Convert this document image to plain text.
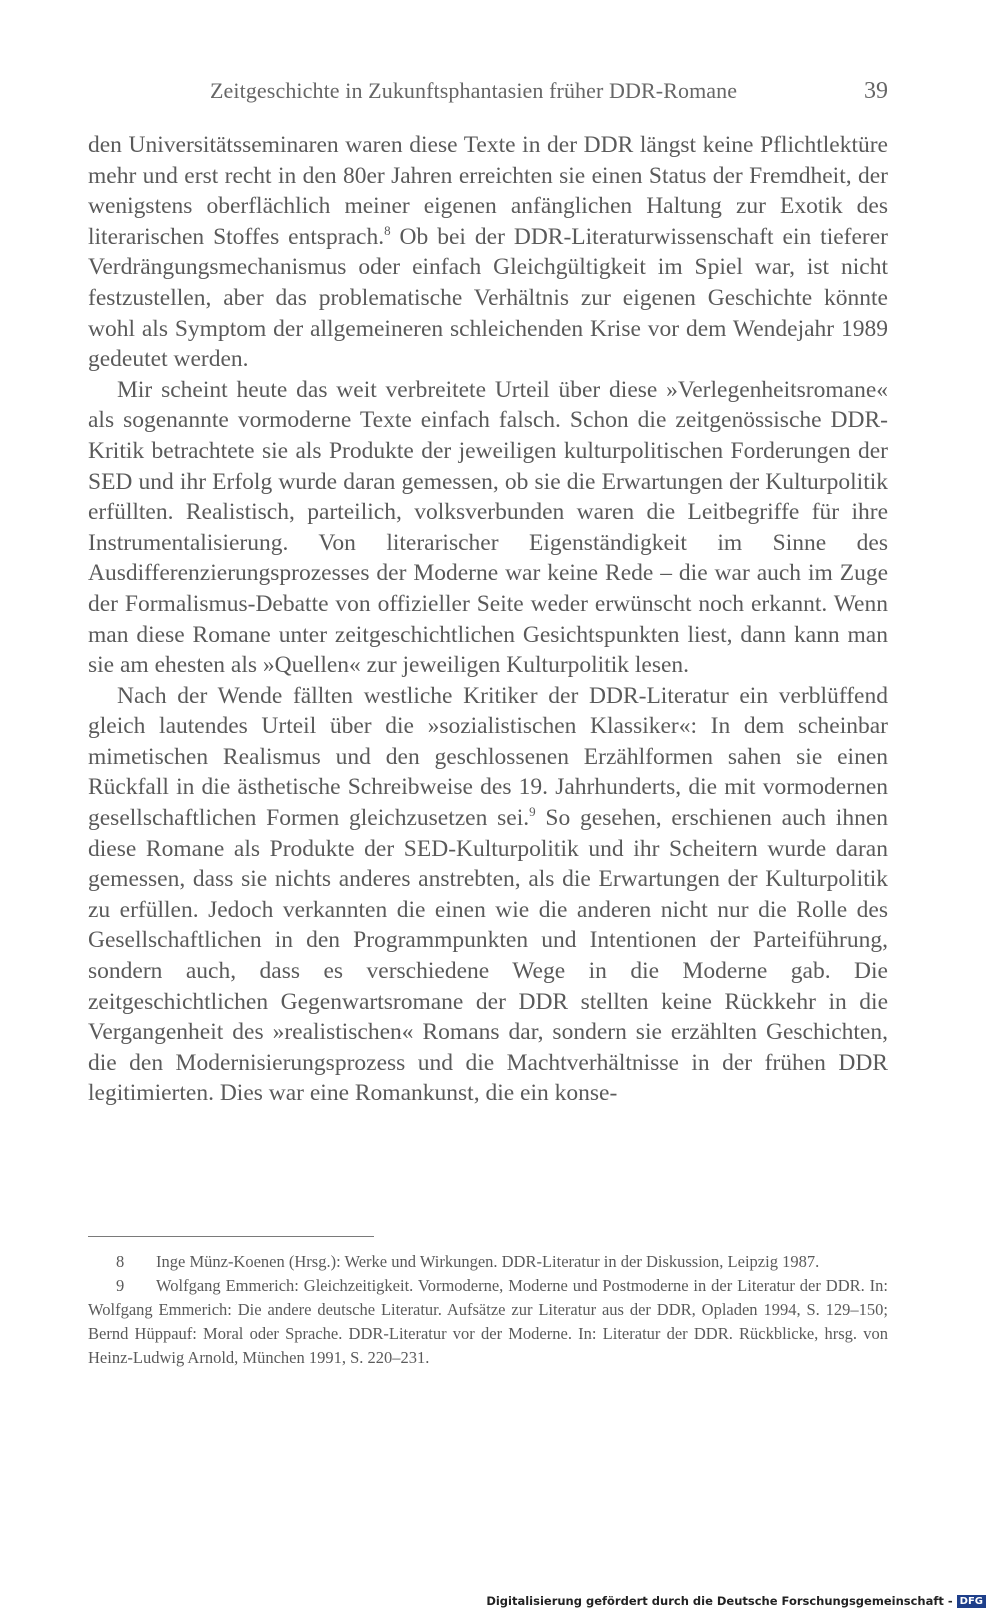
Zeitgeschichte in Zukunftsphantasien früher DDR-Romane	39

den Universitätsseminaren waren diese Texte in der DDR längst keine Pflichtlektüre mehr und erst recht in den 80er Jahren erreichten sie einen Status der Fremdheit, der wenigstens oberflächlich meiner eigenen anfänglichen Haltung zur Exotik des literarischen Stoffes entsprach.$^8$ Ob bei der DDR-Literaturwissenschaft ein tieferer Verdrängungsmechanismus oder einfach Gleichgültigkeit im Spiel war, ist nicht festzustellen, aber das problematische Verhältnis zur eigenen Geschichte könnte wohl als Symptom der allgemeineren schleichenden Krise vor dem Wendejahr 1989 gedeutet werden.

Mir scheint heute das weit verbreitete Urteil über diese »Verlegenheitsromane« als sogenannte vormoderne Texte einfach falsch. Schon die zeitgenössische DDR-Kritik betrachtete sie als Produkte der jeweiligen kulturpolitischen Forderungen der SED und ihr Erfolg wurde daran gemessen, ob sie die Erwartungen der Kulturpolitik erfüllten. Realistisch, parteilich, volksverbunden waren die Leitbegriffe für ihre Instrumentalisierung. Von literarischer Eigenständigkeit im Sinne des Ausdifferenzierungsprozesses der Moderne war keine Rede – die war auch im Zuge der Formalismus-Debatte von offizieller Seite weder erwünscht noch erkannt. Wenn man diese Romane unter zeitgeschichtlichen Gesichtspunkten liest, dann kann man sie am ehesten als »Quellen« zur jeweiligen Kulturpolitik lesen.

Nach der Wende fällten westliche Kritiker der DDR-Literatur ein verblüffend gleich lautendes Urteil über die »sozialistischen Klassiker«: In dem scheinbar mimetischen Realismus und den geschlossenen Erzählformen sahen sie einen Rückfall in die ästhetische Schreibweise des 19. Jahrhunderts, die mit vormodernen gesellschaftlichen Formen gleichzusetzen sei.$^9$ So gesehen, erschienen auch ihnen diese Romane als Produkte der SED-Kulturpolitik und ihr Scheitern wurde daran gemessen, dass sie nichts anderes anstrebten, als die Erwartungen der Kulturpolitik zu erfüllen. Jedoch verkannten die einen wie die anderen nicht nur die Rolle des Gesellschaftlichen in den Programmpunkten und Intentionen der Parteiführung, sondern auch, dass es verschiedene Wege in die Moderne gab. Die zeitgeschichtlichen Gegenwartsromane der DDR stellten keine Rückkehr in die Vergangenheit des »realistischen« Romans dar, sondern sie erzählten Geschichten, die den Modernisierungsprozess und die Machtverhältnisse in der frühen DDR legitimierten. Dies war eine Romankunst, die ein konse-

8 Inge Münz-Koenen (Hrsg.): Werke und Wirkungen. DDR-Literatur in der Diskussion, Leipzig 1987.

9 Wolfgang Emmerich: Gleichzeitigkeit. Vormoderne, Moderne und Postmoderne in der Literatur der DDR. In: Wolfgang Emmerich: Die andere deutsche Literatur. Aufsätze zur Literatur aus der DDR, Opladen 1994, S. 129–150; Bernd Hüppauf: Moral oder Sprache. DDR-Literatur vor der Moderne. In: Literatur der DDR. Rückblicke, hrsg. von Heinz-Ludwig Arnold, München 1991, S. 220–231.

Digitalisierung gefördert durch die Deutsche Forschungsgemeinschaft - DFG
